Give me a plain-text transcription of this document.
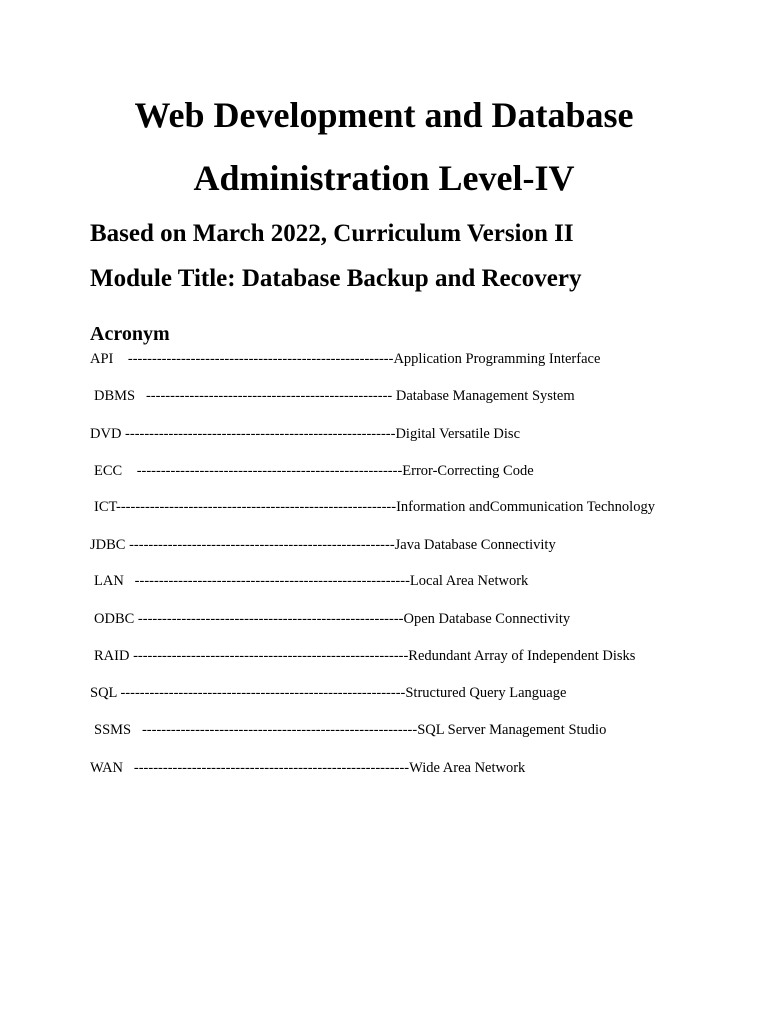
Web Development and Database
Administration Level-IV
Based on March 2022, Curriculum Version II
Module Title: Database Backup and Recovery
Acronym
API    -------------------------------------------------------Application Programming Interface
DBMS   --------------------------------------------------- Database Management System
DVD --------------------------------------------------------Digital Versatile Disc
ECC    -------------------------------------------------------Error-Correcting Code
ICT----------------------------------------------------------Information andCommunication Technology
JDBC -------------------------------------------------------Java Database Connectivity
LAN   ---------------------------------------------------------Local Area Network
ODBC -------------------------------------------------------Open Database Connectivity
RAID ---------------------------------------------------------Redundant Array of Independent Disks
SQL -----------------------------------------------------------Structured Query Language
SSMS   ---------------------------------------------------------SQL Server Management Studio
WAN   ---------------------------------------------------------Wide Area Network
